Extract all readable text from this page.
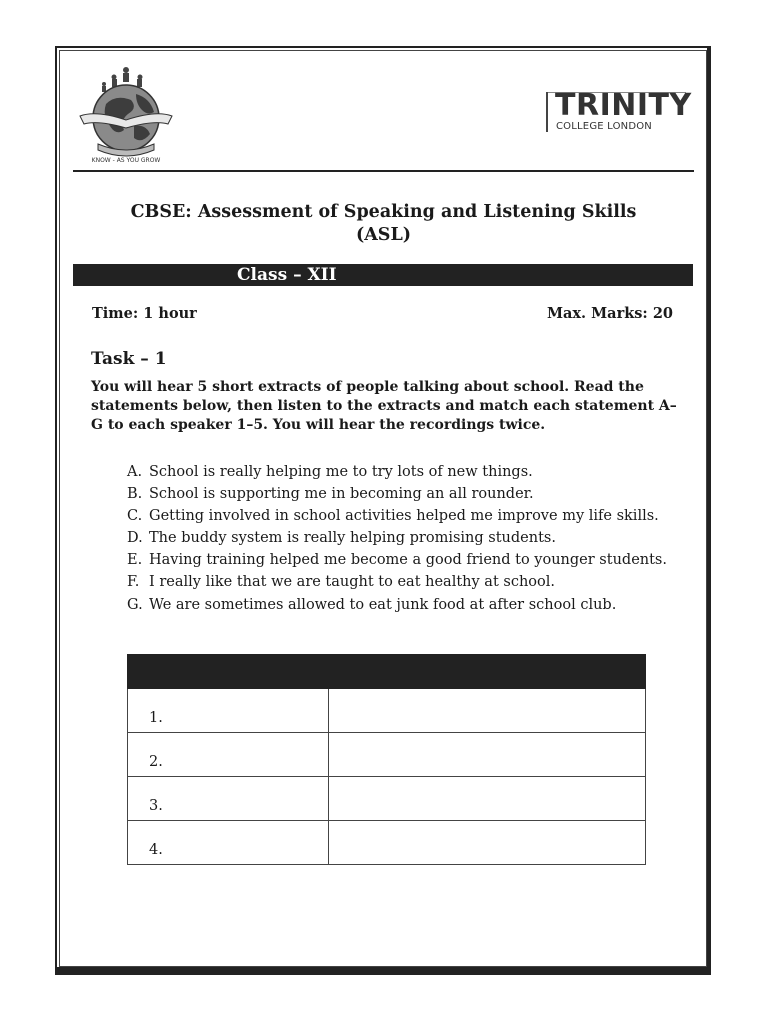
KNOW - AS YOU GROW
TRINITY
COLLEGE LONDON
CBSE: Assessment of Speaking and Listening Skills
(ASL)
Class – XII
Time: 1 hour	Max. Marks: 20
Task – 1

You will hear 5 short extracts of people talking about school. Read the statements below, then listen to the extracts and match each statement A–G to each speaker 1–5. You will hear the recordings twice.

A. School is really helping me to try lots of new things.
B. School is supporting me in becoming an all rounder.
C. Getting involved in school activities helped me improve my life skills.
D. The buddy system is really helping promising students.
E. Having training helped me become a good friend to younger students.
F. I really like that we are taught to eat healthy at school.
G. We are sometimes allowed to eat junk food at after school club.

1.	
2.	
3.	
4.	
